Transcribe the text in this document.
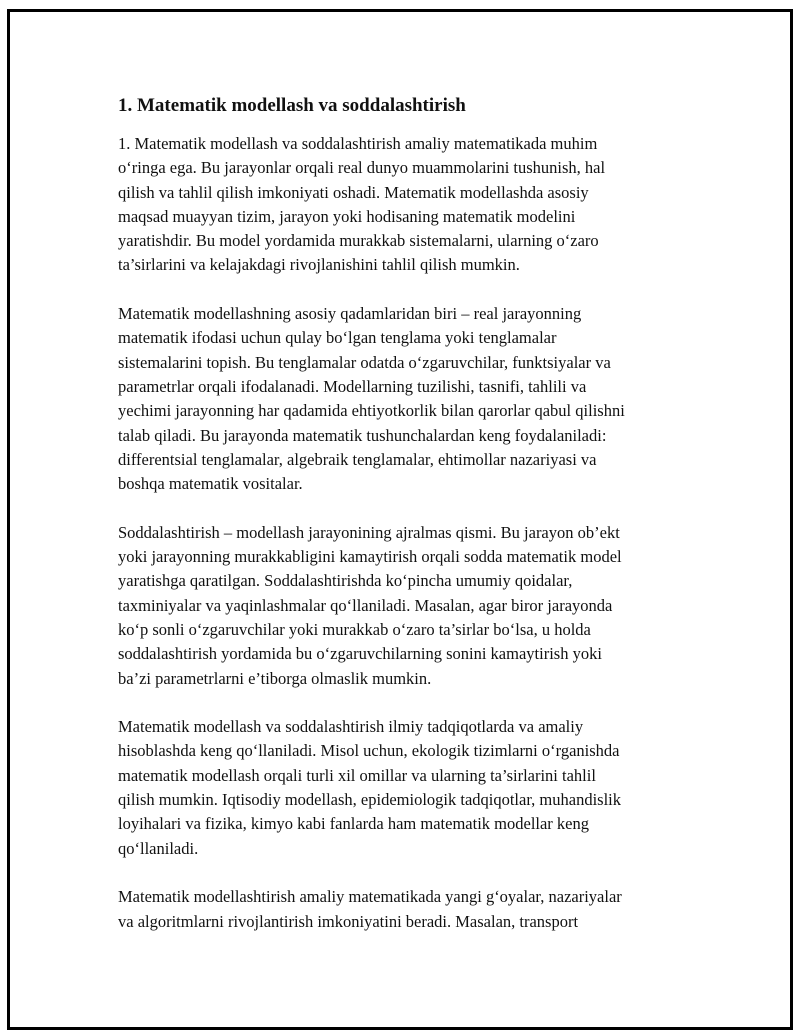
1. Matematik modellash va soddalashtirish
1. Matematik modellash va soddalashtirish amaliy matematikada muhim
o‘ringa ega. Bu jarayonlar orqali real dunyo muammolarini tushunish, hal
qilish va tahlil qilish imkoniyati oshadi. Matematik modellashda asosiy
maqsad muayyan tizim, jarayon yoki hodisaning matematik modelini
yaratishdir. Bu model yordamida murakkab sistemalarni, ularning o‘zaro
ta’sirlarini va kelajakdagi rivojlanishini tahlil qilish mumkin.
Matematik modellashning asosiy qadamlaridan biri – real jarayonning
matematik ifodasi uchun qulay bo‘lgan tenglama yoki tenglamalar
sistemalarini topish. Bu tenglamalar odatda o‘zgaruvchilar, funktsiyalar va
parametrlar orqali ifodalanadi. Modellarning tuzilishi, tasnifi, tahlili va
yechimi jarayonning har qadamida ehtiyotkorlik bilan qarorlar qabul qilishni
talab qiladi. Bu jarayonda matematik tushunchalardan keng foydalaniladi:
differentsial tenglamalar, algebraik tenglamalar, ehtimollar nazariyasi va
boshqa matematik vositalar.
Soddalashtirish – modellash jarayonining ajralmas qismi. Bu jarayon ob’ekt
yoki jarayonning murakkabligini kamaytirish orqali sodda matematik model
yaratishga qaratilgan. Soddalashtirishda ko‘pincha umumiy qoidalar,
taxminiyalar va yaqinlashmalar qo‘llaniladi. Masalan, agar biror jarayonda
ko‘p sonli o‘zgaruvchilar yoki murakkab o‘zaro ta’sirlar bo‘lsa, u holda
soddalashtirish yordamida bu o‘zgaruvchilarning sonini kamaytirish yoki
ba’zi parametrlarni e’tiborga olmaslik mumkin.
Matematik modellash va soddalashtirish ilmiy tadqiqotlarda va amaliy
hisoblashda keng qo‘llaniladi. Misol uchun, ekologik tizimlarni o‘rganishda
matematik modellash orqali turli xil omillar va ularning ta’sirlarini tahlil
qilish mumkin. Iqtisodiy modellash, epidemiologik tadqiqotlar, muhandislik
loyihalari va fizika, kimyo kabi fanlarda ham matematik modellar keng
qo‘llaniladi.
Matematik modellashtirish amaliy matematikada yangi g‘oyalar, nazariyalar
va algoritmlarni rivojlantirish imkoniyatini beradi. Masalan, transport
